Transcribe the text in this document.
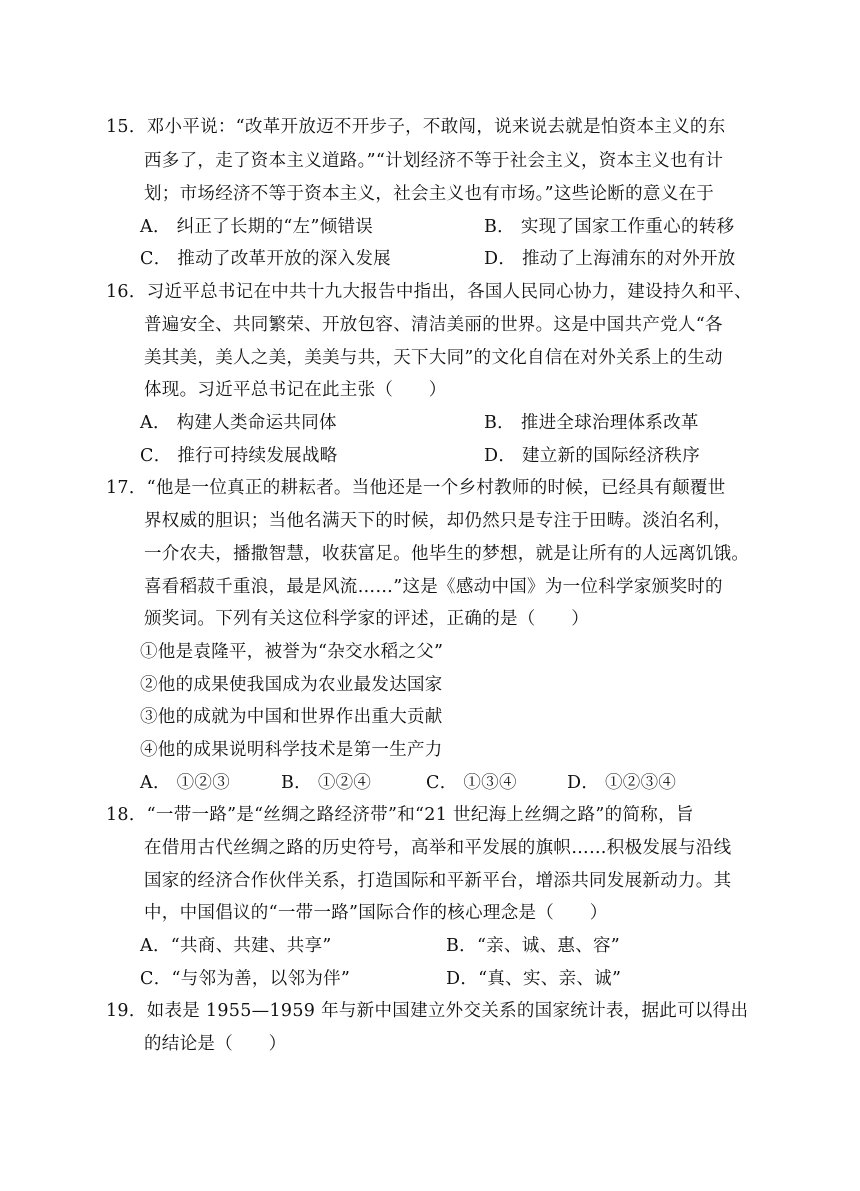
15．邓小平说：“改革开放迈不开步子，不敢闯，说来说去就是怕资本主义的东
西多了，走了资本主义道路。”“计划经济不等于社会主义，资本主义也有计
划；市场经济不等于资本主义，社会主义也有市场。”这些论断的意义在于
A． 纠正了长期的“左”倾错误	B． 实现了国家工作重心的转移
C． 推动了改革开放的深入发展	D． 推动了上海浦东的对外开放
16．习近平总书记在中共十九大报告中指出，各国人民同心协力，建设持久和平、
普遍安全、共同繁荣、开放包容、清洁美丽的世界。这是中国共产党人“各
美其美，美人之美，美美与共，天下大同”的文化自信在对外关系上的生动
体现。习近平总书记在此主张（　　）
A． 构建人类命运共同体	B． 推进全球治理体系改革
C． 推行可持续发展战略	D． 建立新的国际经济秩序
17．“他是一位真正的耕耘者。当他还是一个乡村教师的时候，已经具有颠覆世
界权威的胆识；当他名满天下的时候，却仍然只是专注于田畴。淡泊名利，
一介农夫，播撒智慧，收获富足。他毕生的梦想，就是让所有的人远离饥饿。
喜看稻菽千重浪，最是风流……”这是《感动中国》为一位科学家颁奖时的
颁奖词。下列有关这位科学家的评述，正确的是（　　）
①他是袁隆平，被誉为“杂交水稻之父”
②他的成果使我国成为农业最发达国家
③他的成就为中国和世界作出重大贡献
④他的成果说明科学技术是第一生产力
A． ①②③	B． ①②④	C． ①③④	D． ①②③④
18．“一带一路”是“丝绸之路经济带”和“21 世纪海上丝绸之路”的简称，旨
在借用古代丝绸之路的历史符号，高举和平发展的旗帜……积极发展与沿线
国家的经济合作伙伴关系，打造国际和平新平台，增添共同发展新动力。其
中，中国倡议的“一带一路”国际合作的核心理念是（　　）
A．“共商、共建、共享”	B．“亲、诚、惠、容”
C．“与邻为善，以邻为伴”	D．“真、实、亲、诚”
19．如表是 1955—1959 年与新中国建立外交关系的国家统计表，据此可以得出
的结论是（　　）
